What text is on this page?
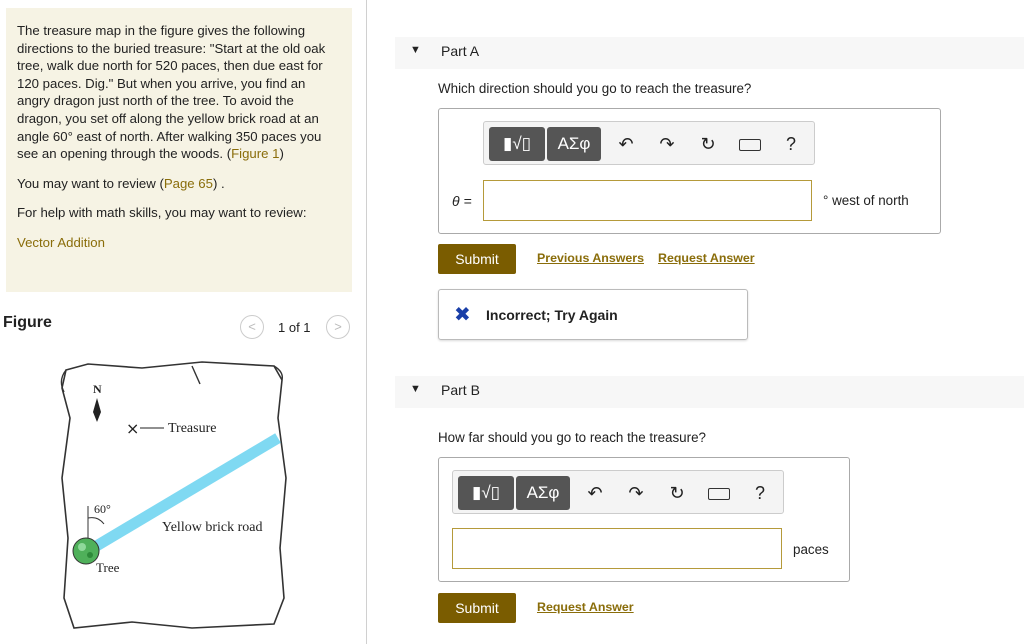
The treasure map in the figure gives the following directions to the buried treasure: "Start at the old oak tree, walk due north for 520 paces, then due east for 120 paces. Dig." But when you arrive, you find an angry dragon just north of the tree. To avoid the dragon, you set off along the yellow brick road at an angle 60° east of north. After walking 350 paces you see an opening through the woods. (Figure 1)

You may want to review (Page 65) .

For help with math skills, you may want to review:

Vector Addition

Figure	<	1 of 1	>
N
× Treasure
60°
Yellow brick road
Tree
▼ Part A
Which direction should you go to reach the treasure?
▮√▯	ΑΣφ	↶ ↷ ↻	?
θ =	° west of north
Submit	Previous Answers Request Answer
✖ Incorrect; Try Again
▼ Part B
How far should you go to reach the treasure?
▮√▯	ΑΣφ	↶ ↷ ↻	?
paces
Submit	Request Answer
